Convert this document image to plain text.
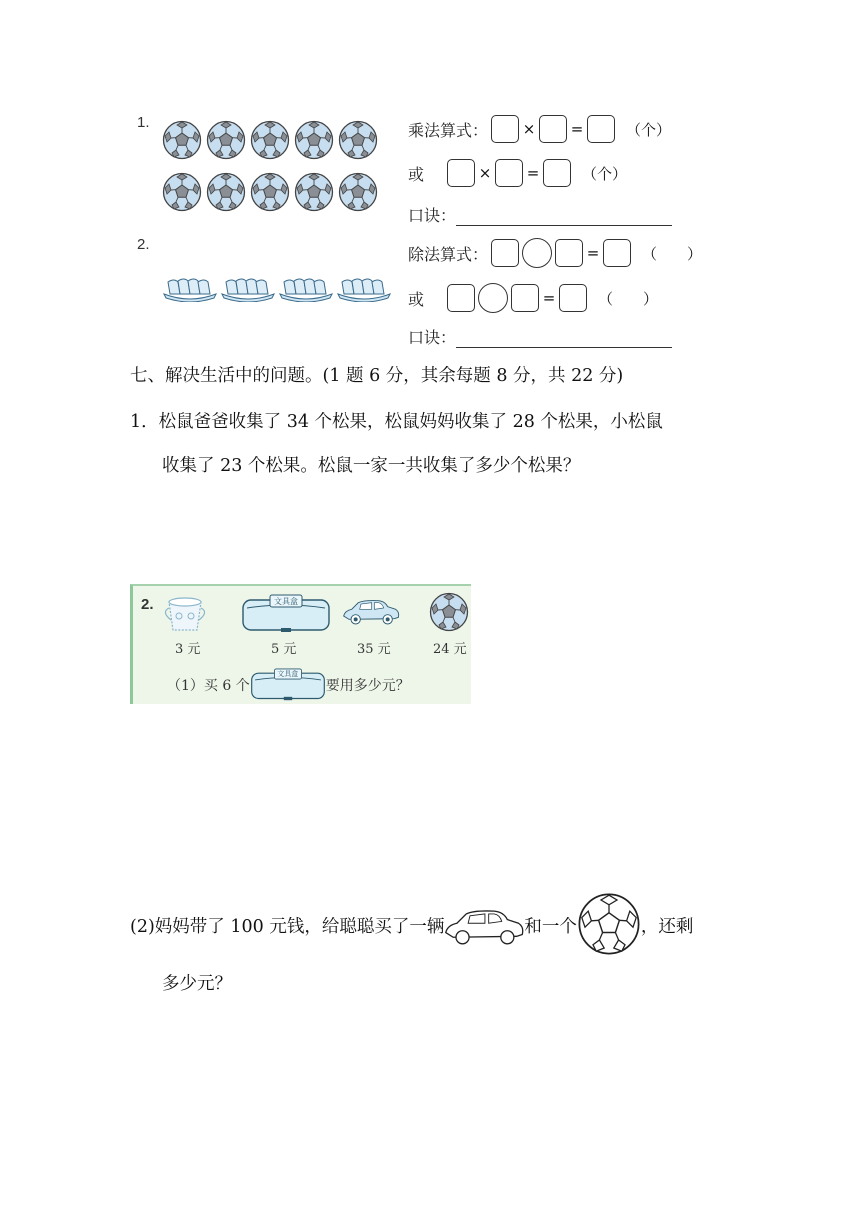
1.	乘法算式： × =	（个）
或	× =	（个）
口诀：
2.	除法算式：	=	（　　）
或	=	（　　）
口诀：
七、解决生活中的问题。(1 题 6 分，其余每题 8 分，共 22 分)
1．松鼠爸爸收集了 34 个松果，松鼠妈妈收集了 28 个松果，小松鼠
收集了 23 个松果。松鼠一家一共收集了多少个松果？
2.
3 元
文具盒
5 元	35 元	24 元
（1）买 6 个
文具盒
要用多少元？
(2)妈妈带了 100 元钱，给聪聪买了一辆	和一个	，还剩
多少元？
